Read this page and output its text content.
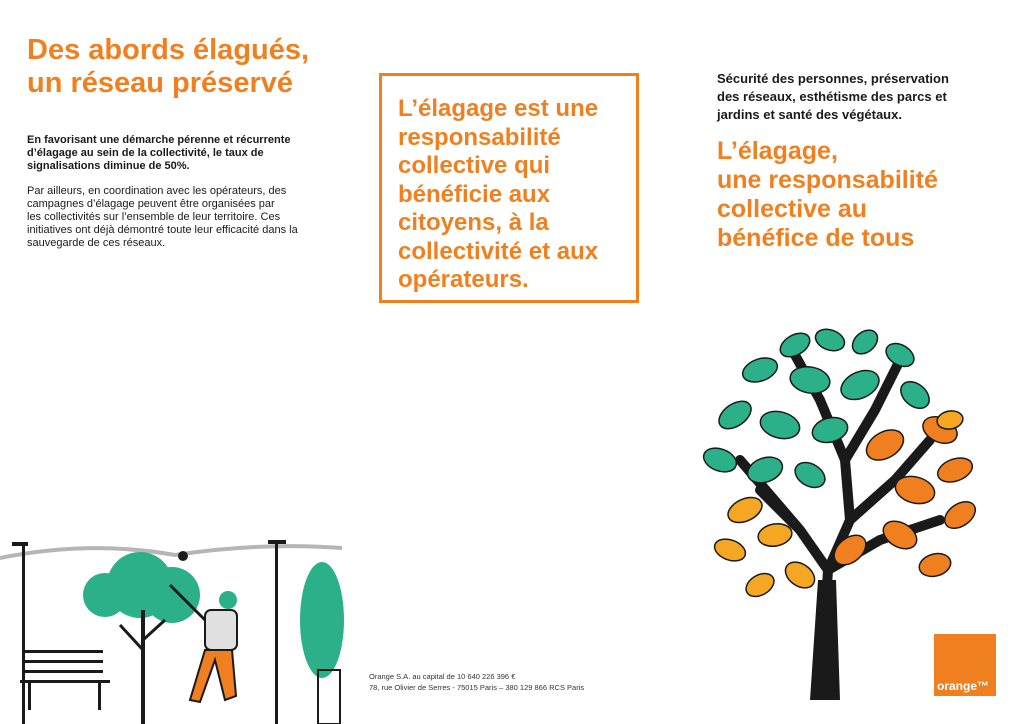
Des abords élagués,
un réseau préservé

En favorisant une démarche pérenne et récurrente
d’élagage au sein de la collectivité, le taux de
signalisations diminue de 50%.

Par ailleurs, en coordination avec les opérateurs, des
campagnes d’élagage peuvent être organisées par
les collectivités sur l’ensemble de leur territoire. Ces
initiatives ont déjà démontré toute leur efficacité dans la
sauvegarde de ces réseaux.

L’élagage est une
responsabilité
collective qui
bénéficie aux
citoyens, à la
collectivité et aux
opérateurs.

Orange S.A. au capital de 10 640 226 396 €
78, rue Olivier de Serres - 75015 Paris – 380 129 866 RCS Paris

Sécurité des personnes, préservation
des réseaux, esthétisme des parcs et
jardins et santé des végétaux.

L’élagage,
une responsabilité
collective au
bénéfice de tous
orange™
